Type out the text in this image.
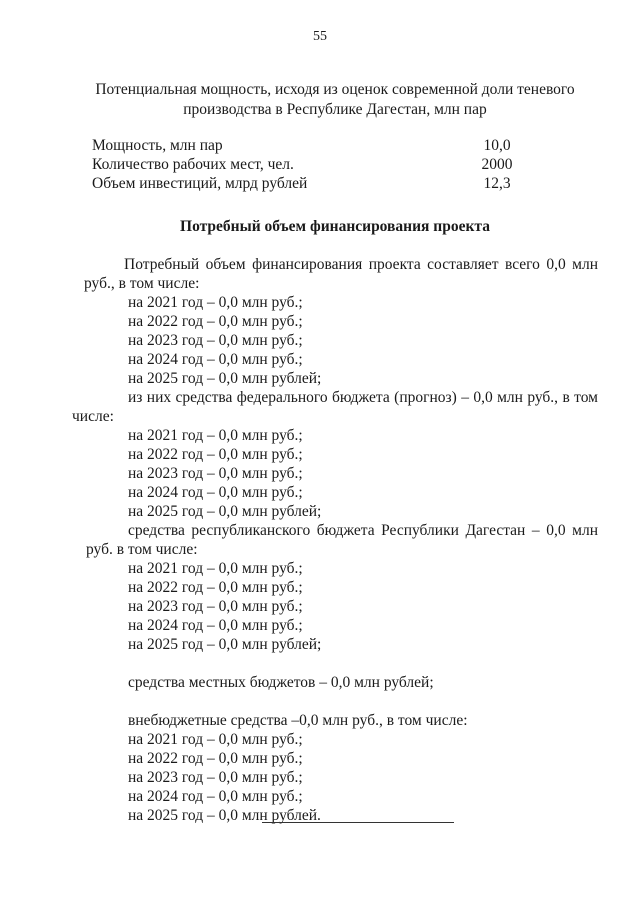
55
Потенциальная мощность, исходя из оценок современной доли теневого
производства в Республике Дагестан, млн пар
Мощность, млн пар	10,0
Количество рабочих мест, чел.	2000
Объем инвестиций, млрд рублей	12,3
Потребный объем финансирования проекта
Потребный объем финансирования проекта составляет всего 0,0 млн
руб., в том числе:
на 2021 год – 0,0 млн руб.;
на 2022 год – 0,0 млн руб.;
на 2023 год – 0,0 млн руб.;
на 2024 год – 0,0 млн руб.;
на 2025 год – 0,0 млн рублей;
из них средства федерального бюджета (прогноз) – 0,0 млн руб., в том
числе:
на 2021 год – 0,0 млн руб.;
на 2022 год – 0,0 млн руб.;
на 2023 год – 0,0 млн руб.;
на 2024 год – 0,0 млн руб.;
на 2025 год – 0,0 млн рублей;
средства республиканского бюджета Республики Дагестан – 0,0 млн
руб. в том числе:
на 2021 год – 0,0 млн руб.;
на 2022 год – 0,0 млн руб.;
на 2023 год – 0,0 млн руб.;
на 2024 год – 0,0 млн руб.;
на 2025 год – 0,0 млн рублей;
средства местных бюджетов – 0,0 млн рублей;
внебюджетные средства –0,0 млн руб., в том числе:
на 2021 год – 0,0 млн руб.;
на 2022 год – 0,0 млн руб.;
на 2023 год – 0,0 млн руб.;
на 2024 год – 0,0 млн руб.;
на 2025 год – 0,0 млн рублей.
